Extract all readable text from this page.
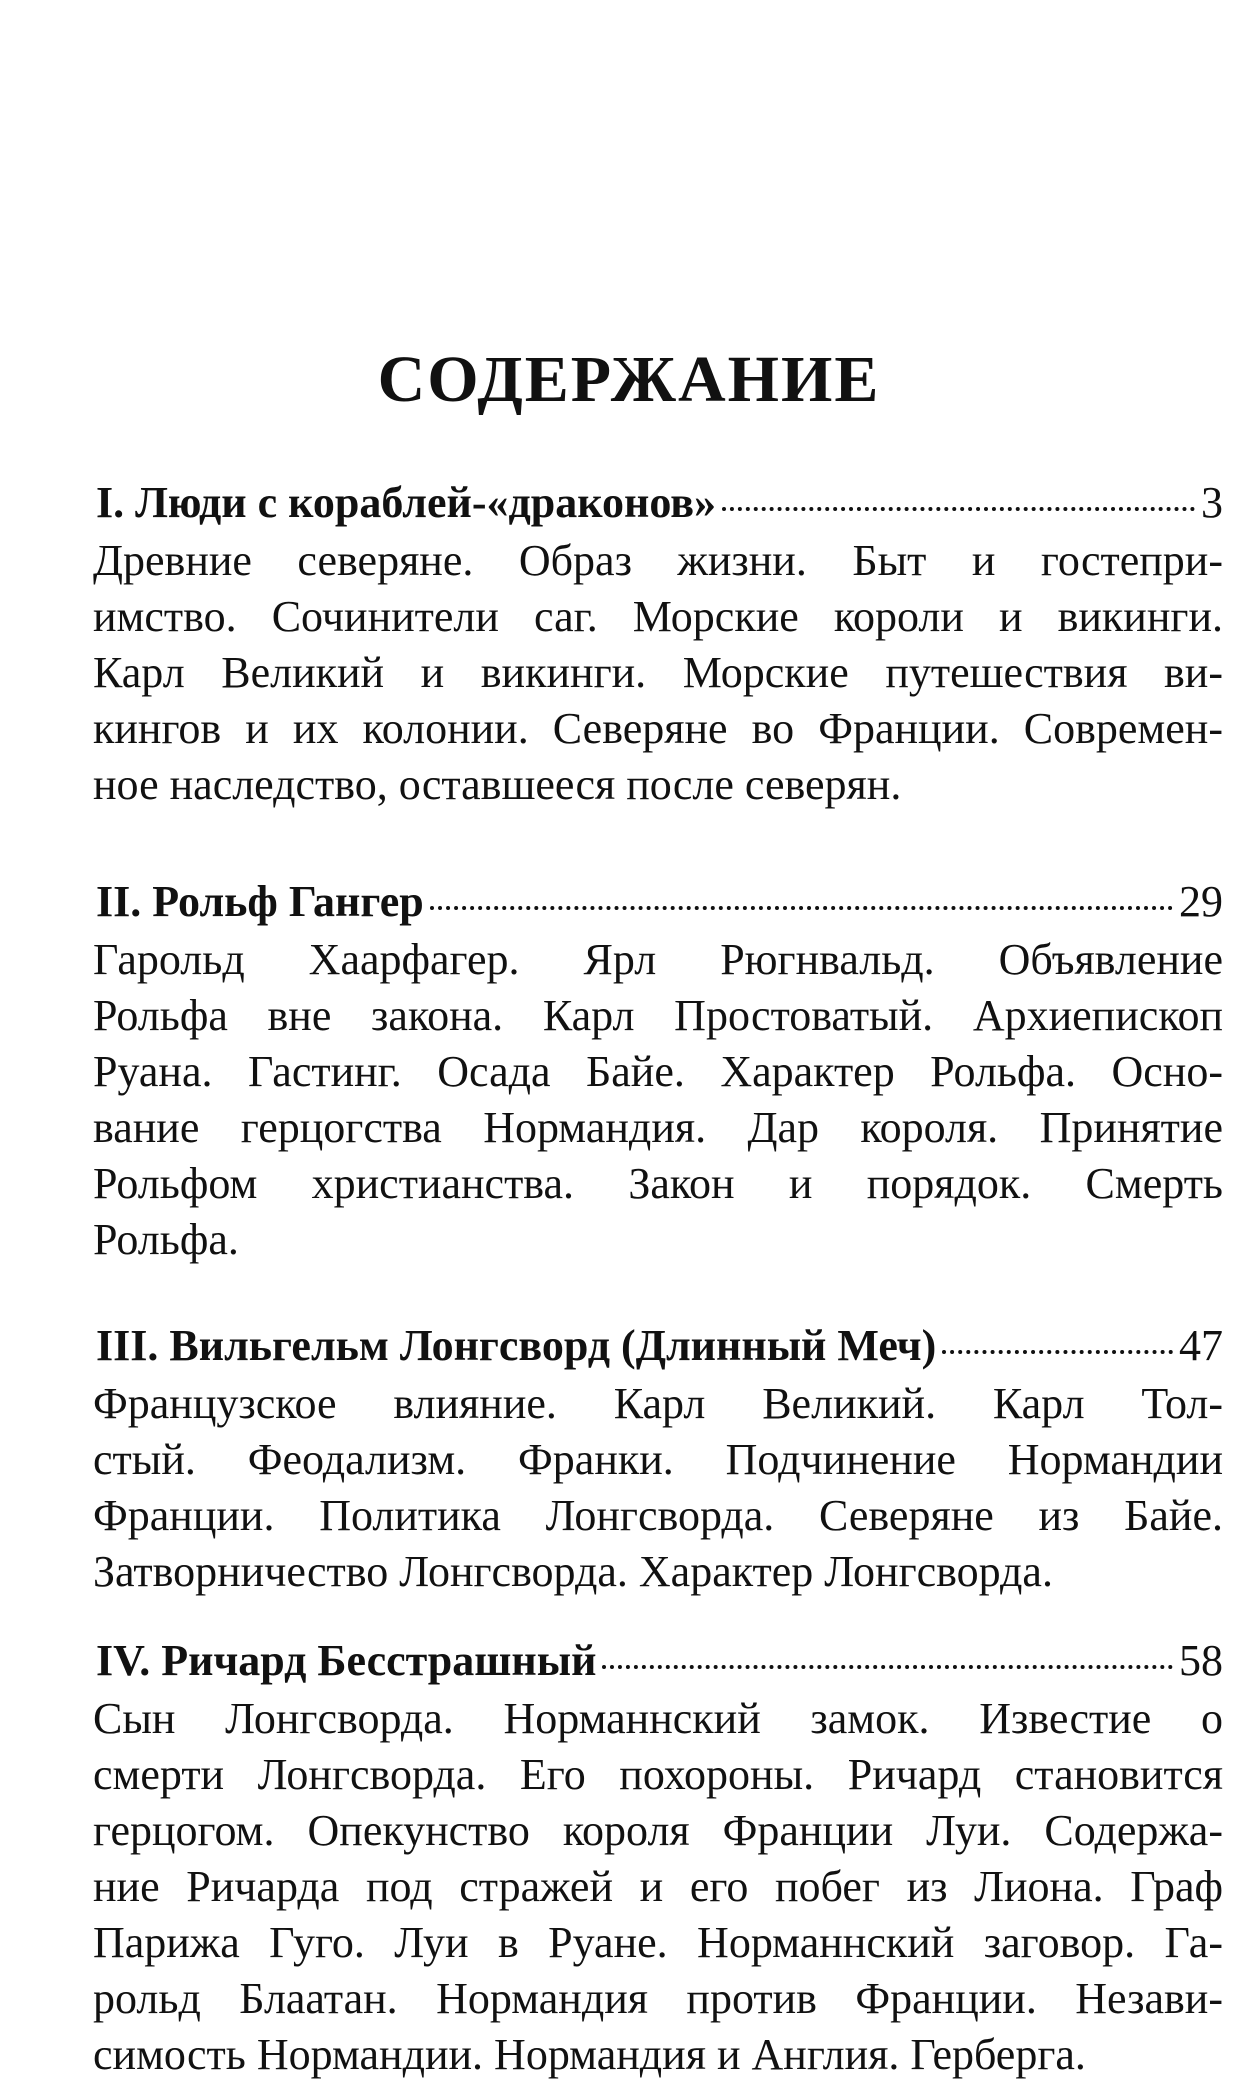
СОДЕРЖАНИЕ
I. Люди с кораблей-«драконов»	3
Древние северяне. Образ жизни. Быт и гостепри-
имство. Сочинители саг. Морские короли и викинги.
Карл Великий и викинги. Морские путешествия ви-
кингов и их колонии. Северяне во Франции. Современ-
ное наследство, оставшееся после северян.
II. Рольф Гангер	29
Гарольд Хаарфагер. Ярл Рюгнвальд. Объявление
Рольфа вне закона. Карл Простоватый. Архиепископ
Руана. Гастинг. Осада Байе. Характер Рольфа. Осно-
вание герцогства Нормандия. Дар короля. Принятие
Рольфом христианства. Закон и порядок. Смерть
Рольфа.
III. Вильгельм Лонгсворд (Длинный Меч)	47
Французское влияние. Карл Великий. Карл Тол-
стый. Феодализм. Франки. Подчинение Нормандии
Франции. Политика Лонгсворда. Северяне из Байе.
Затворничество Лонгсворда. Характер Лонгсворда.
IV. Ричард Бесстрашный	58
Сын Лонгсворда. Норманнский замок. Известие о
смерти Лонгсворда. Его похороны. Ричард становится
герцогом. Опекунство короля Франции Луи. Содержа-
ние Ричарда под стражей и его побег из Лиона. Граф
Парижа Гуго. Луи в Руане. Норманнский заговор. Га-
рольд Блаатан. Нормандия против Франции. Незави-
симость Нормандии. Нормандия и Англия. Герберга.
